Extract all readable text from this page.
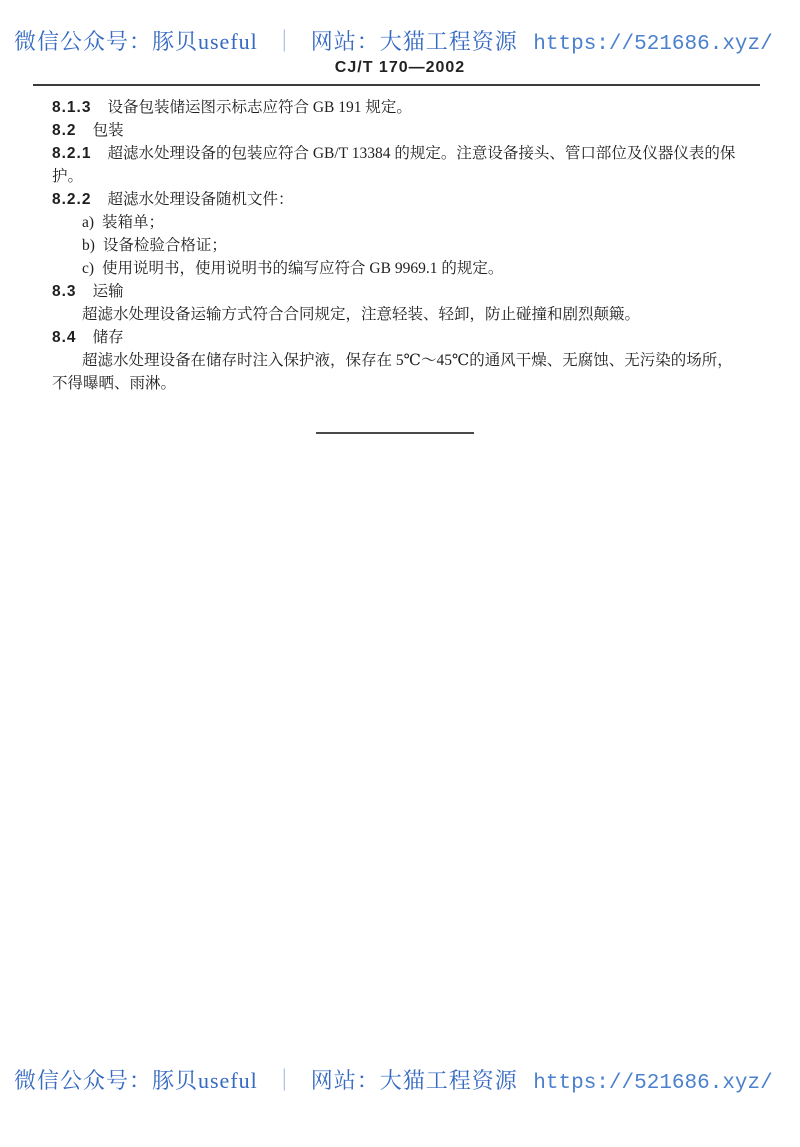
微信公众号：豚贝useful ｜ 网站：大猫工程资源 https://521686.xyz/
CJ/T 170—2002

8.1.3 设备包装储运图示标志应符合 GB 191 规定。

8.2 包装

8.2.1 超滤水处理设备的包装应符合 GB/T 13384 的规定。注意设备接头、管口部位及仪器仪表的保护。

8.2.2 超滤水处理设备随机文件：

a) 装箱单；

b) 设备检验合格证；

c) 使用说明书，使用说明书的编写应符合 GB 9969.1 的规定。

8.3 运输

超滤水处理设备运输方式符合合同规定，注意轻装、轻卸，防止碰撞和剧烈颠簸。

8.4 储存

超滤水处理设备在储存时注入保护液，保存在 5℃～45℃的通风干燥、无腐蚀、无污染的场所，不得曝晒、雨淋。

微信公众号：豚贝useful ｜ 网站：大猫工程资源 https://521686.xyz/
